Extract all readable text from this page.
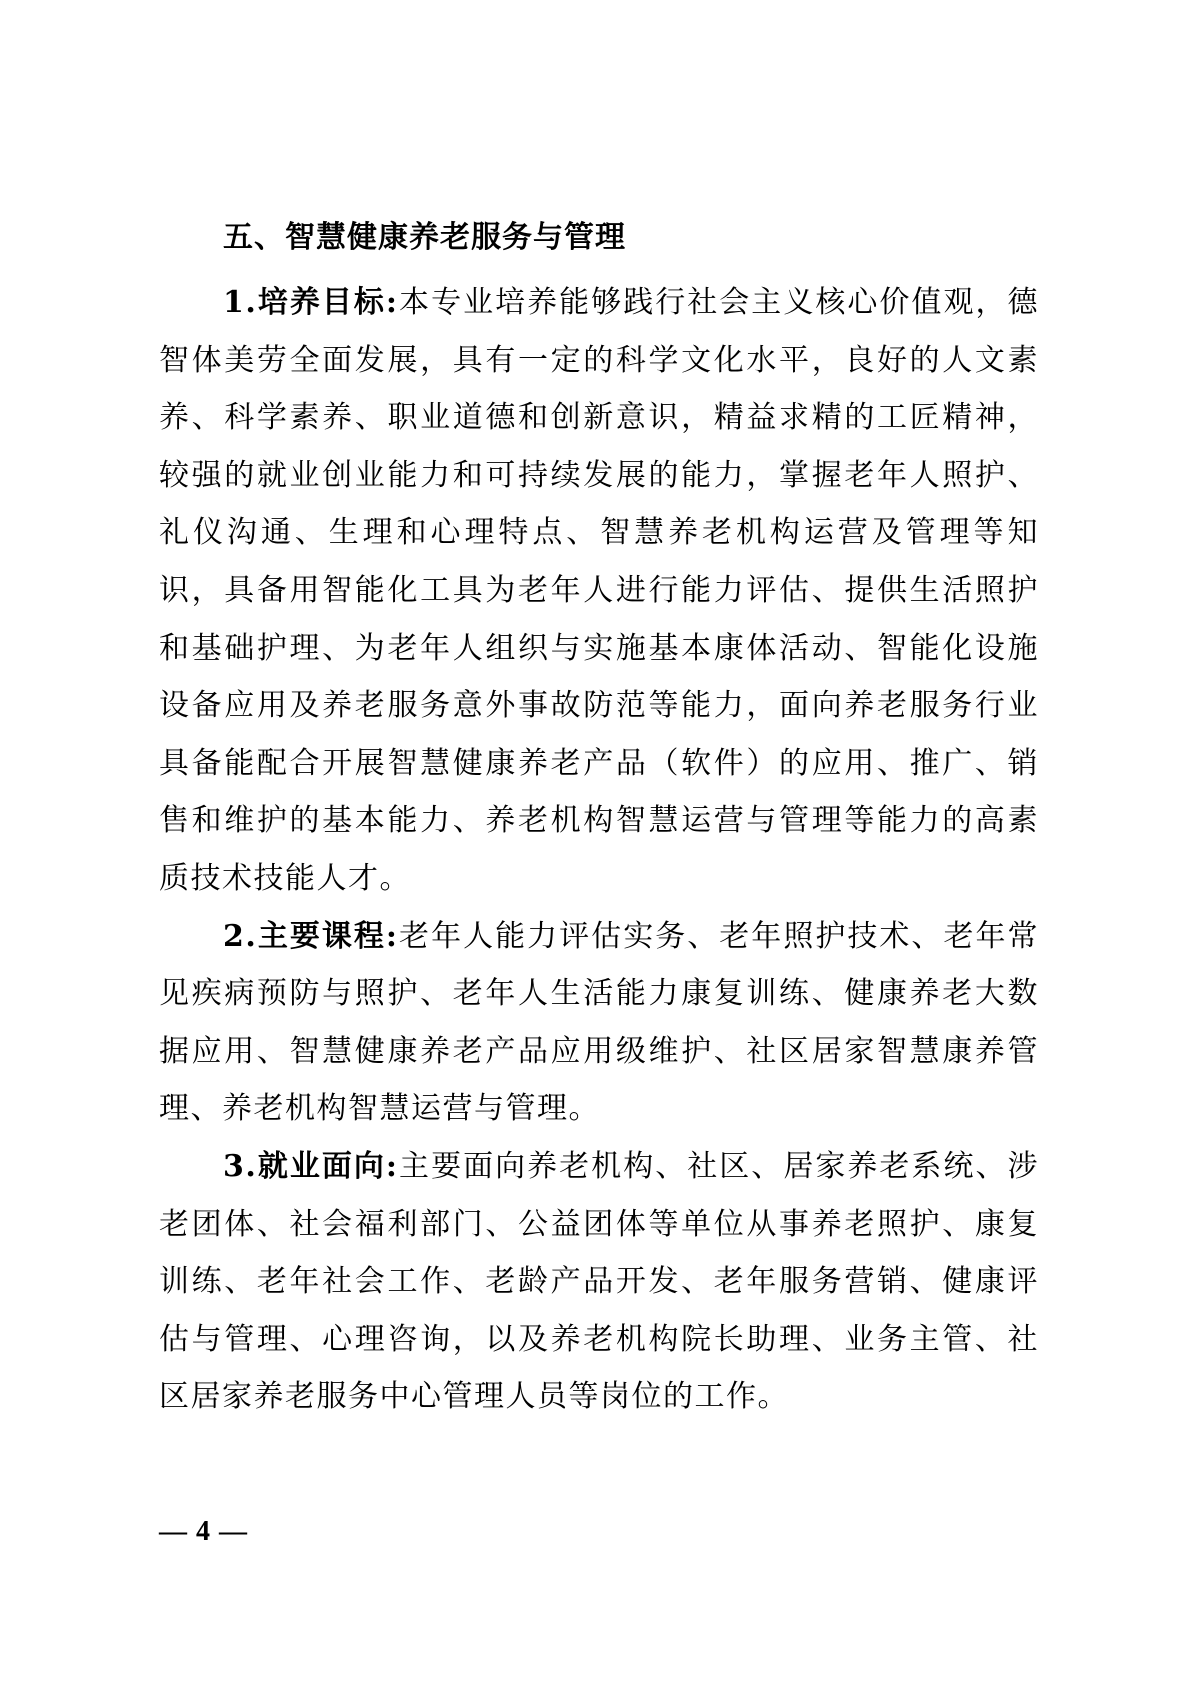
五、智慧健康养老服务与管理

1.培养目标:本专业培养能够践行社会主义核心价值观，德智体美劳全面发展，具有一定的科学文化水平，良好的人文素养、科学素养、职业道德和创新意识，精益求精的工匠精神，较强的就业创业能力和可持续发展的能力，掌握老年人照护、礼仪沟通、生理和心理特点、智慧养老机构运营及管理等知识，具备用智能化工具为老年人进行能力评估、提供生活照护和基础护理、为老年人组织与实施基本康体活动、智能化设施设备应用及养老服务意外事故防范等能力，面向养老服务行业具备能配合开展智慧健康养老产品（软件）的应用、推广、销售和维护的基本能力、养老机构智慧运营与管理等能力的高素质技术技能人才。

2.主要课程:老年人能力评估实务、老年照护技术、老年常见疾病预防与照护、老年人生活能力康复训练、健康养老大数据应用、智慧健康养老产品应用级维护、社区居家智慧康养管理、养老机构智慧运营与管理。

3.就业面向:主要面向养老机构、社区、居家养老系统、涉老团体、社会福利部门、公益团体等单位从事养老照护、康复训练、老年社会工作、老龄产品开发、老年服务营销、健康评估与管理、心理咨询，以及养老机构院长助理、业务主管、社区居家养老服务中心管理人员等岗位的工作。

— 4 —
